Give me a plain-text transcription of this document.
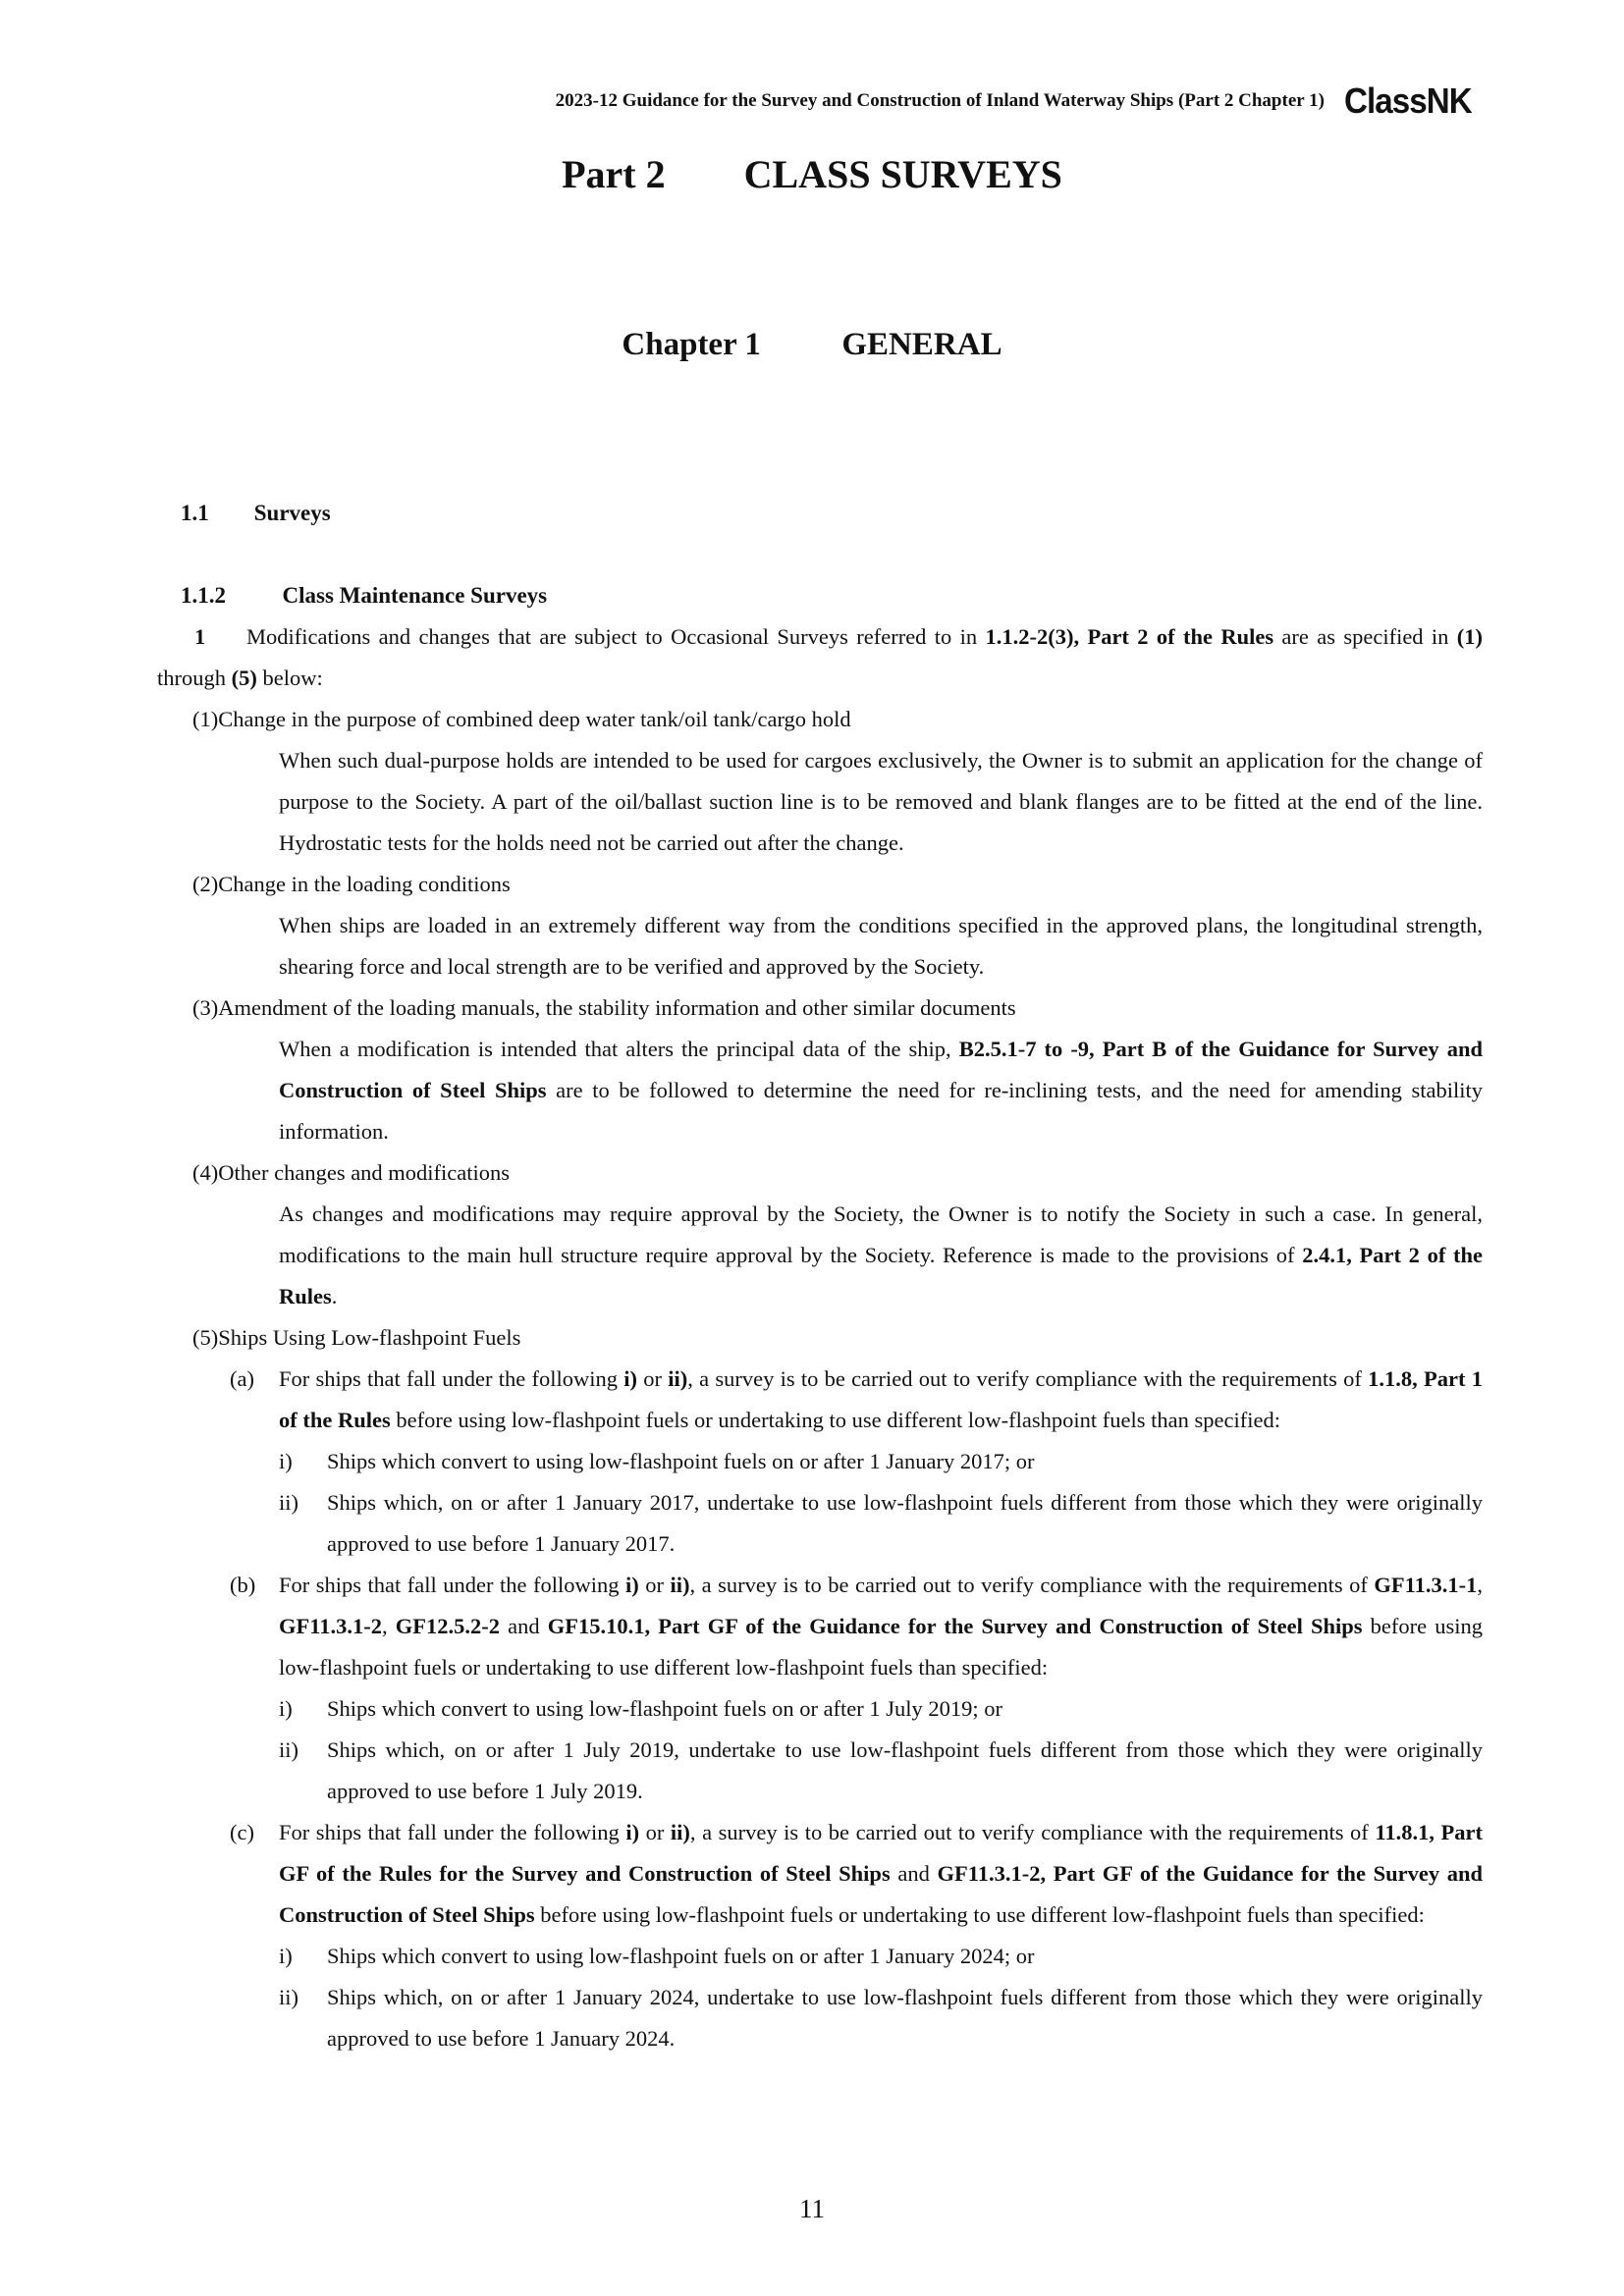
2023-12 Guidance for the Survey and Construction of Inland Waterway Ships (Part 2 Chapter 1) ClassNK
Part 2        CLASS SURVEYS
Chapter 1          GENERAL
1.1        Surveys
1.1.2          Class Maintenance Surveys

1 Modifications and changes that are subject to Occasional Surveys referred to in 1.1.2-2(3), Part 2 of the Rules are as specified in (1) through (5) below:

(1) Change in the purpose of combined deep water tank/oil tank/cargo hold
When such dual-purpose holds are intended to be used for cargoes exclusively, the Owner is to submit an application for the change of purpose to the Society. A part of the oil/ballast suction line is to be removed and blank flanges are to be fitted at the end of the line. Hydrostatic tests for the holds need not be carried out after the change.
(2) Change in the loading conditions
When ships are loaded in an extremely different way from the conditions specified in the approved plans, the longitudinal strength, shearing force and local strength are to be verified and approved by the Society.
(3) Amendment of the loading manuals, the stability information and other similar documents
When a modification is intended that alters the principal data of the ship, B2.5.1-7 to -9, Part B of the Guidance for Survey and Construction of Steel Ships are to be followed to determine the need for re-inclining tests, and the need for amending stability information.
(4) Other changes and modifications
As changes and modifications may require approval by the Society, the Owner is to notify the Society in such a case. In general, modifications to the main hull structure require approval by the Society. Reference is made to the provisions of 2.4.1, Part 2 of the Rules.
(5) Ships Using Low-flashpoint Fuels
(a)	For ships that fall under the following i) or ii), a survey is to be carried out to verify compliance with the requirements of 1.1.8, Part 1 of the Rules before using low-flashpoint fuels or undertaking to use different low-flashpoint fuels than specified:
i)	Ships which convert to using low-flashpoint fuels on or after 1 January 2017; or
ii)	Ships which, on or after 1 January 2017, undertake to use low-flashpoint fuels different from those which they were originally approved to use before 1 January 2017.
(b)	For ships that fall under the following i) or ii), a survey is to be carried out to verify compliance with the requirements of GF11.3.1-1, GF11.3.1-2, GF12.5.2-2 and GF15.10.1, Part GF of the Guidance for the Survey and Construction of Steel Ships before using low-flashpoint fuels or undertaking to use different low-flashpoint fuels than specified:
i)	Ships which convert to using low-flashpoint fuels on or after 1 July 2019; or
ii)	Ships which, on or after 1 July 2019, undertake to use low-flashpoint fuels different from those which they were originally approved to use before 1 July 2019.
(c)	For ships that fall under the following i) or ii), a survey is to be carried out to verify compliance with the requirements of 11.8.1, Part GF of the Rules for the Survey and Construction of Steel Ships and GF11.3.1-2, Part GF of the Guidance for the Survey and Construction of Steel Ships before using low-flashpoint fuels or undertaking to use different low-flashpoint fuels than specified:
i)	Ships which convert to using low-flashpoint fuels on or after 1 January 2024; or
ii)	Ships which, on or after 1 January 2024, undertake to use low-flashpoint fuels different from those which they were originally approved to use before 1 January 2024.
11
